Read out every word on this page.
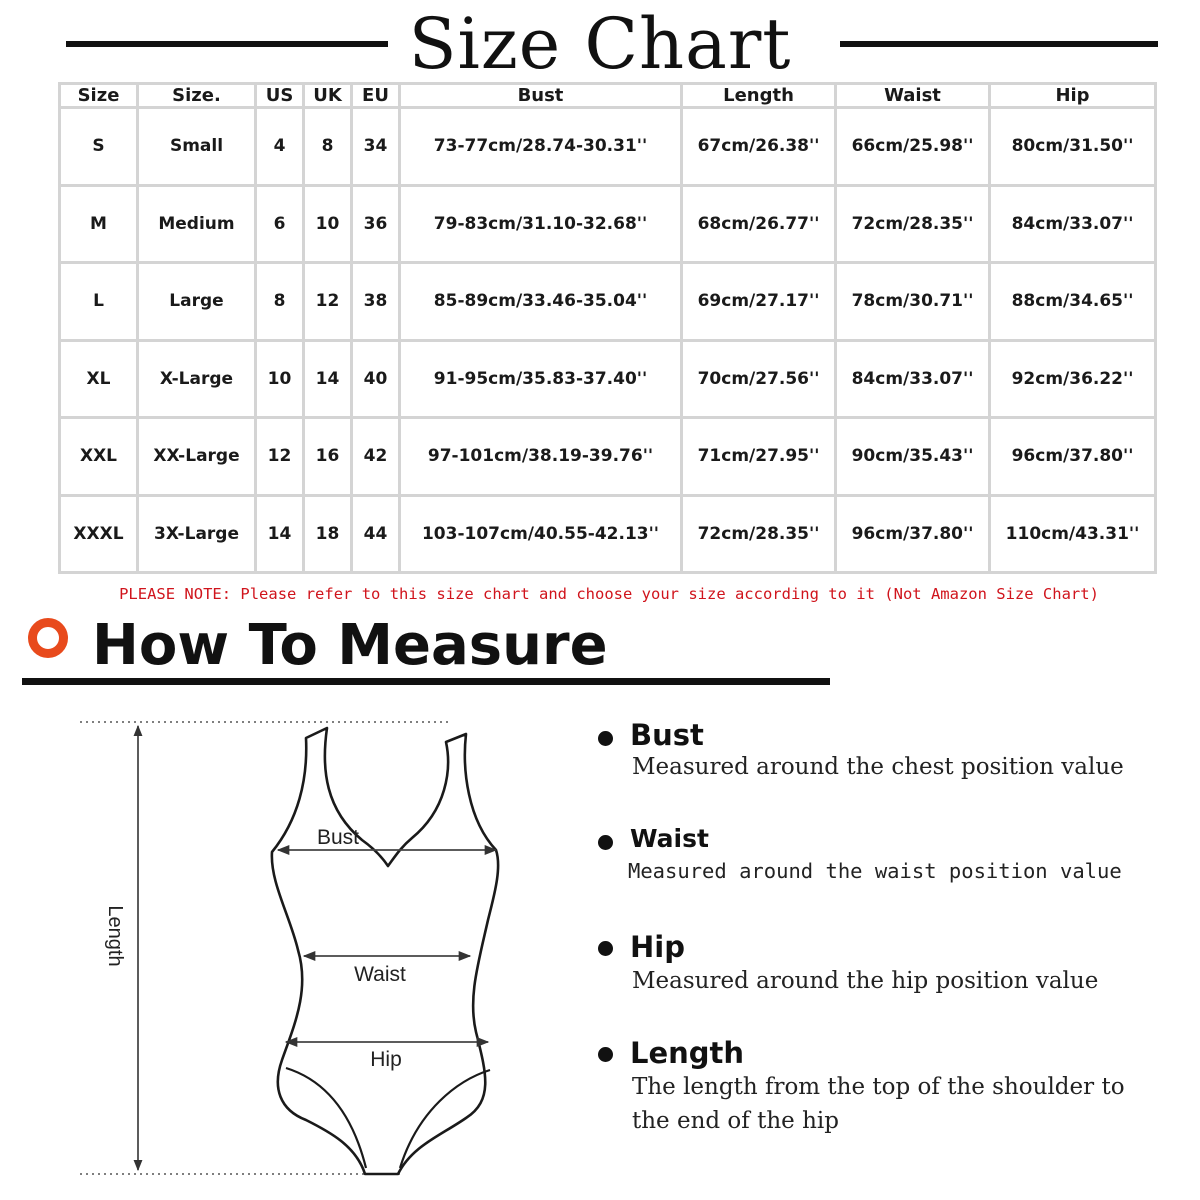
Size Chart
Size	Size.	US	UK	EU	Bust	Length	Waist	Hip
S	Small	4	8	34	73-77cm/28.74-30.31''	67cm/26.38''	66cm/25.98''	80cm/31.50''
M	Medium	6	10	36	79-83cm/31.10-32.68''	68cm/26.77''	72cm/28.35''	84cm/33.07''
L	Large	8	12	38	85-89cm/33.46-35.04''	69cm/27.17''	78cm/30.71''	88cm/34.65''
XL	X-Large	10	14	40	91-95cm/35.83-37.40''	70cm/27.56''	84cm/33.07''	92cm/36.22''
XXL	XX-Large	12	16	42	97-101cm/38.19-39.76''	71cm/27.95''	90cm/35.43''	96cm/37.80''
XXXL	3X-Large	14	18	44	103-107cm/40.55-42.13''	72cm/28.35''	96cm/37.80''	110cm/43.31''
PLEASE NOTE: Please refer to this size chart and choose your size according to it (Not Amazon Size Chart)
How To Measure
Length
Bust
Waist
Hip
Bust
Measured around the chest position value
Waist
Measured around the waist position value
Hip
Measured around the hip position value
Length
The length from the top of the shoulder to
the end of the hip
